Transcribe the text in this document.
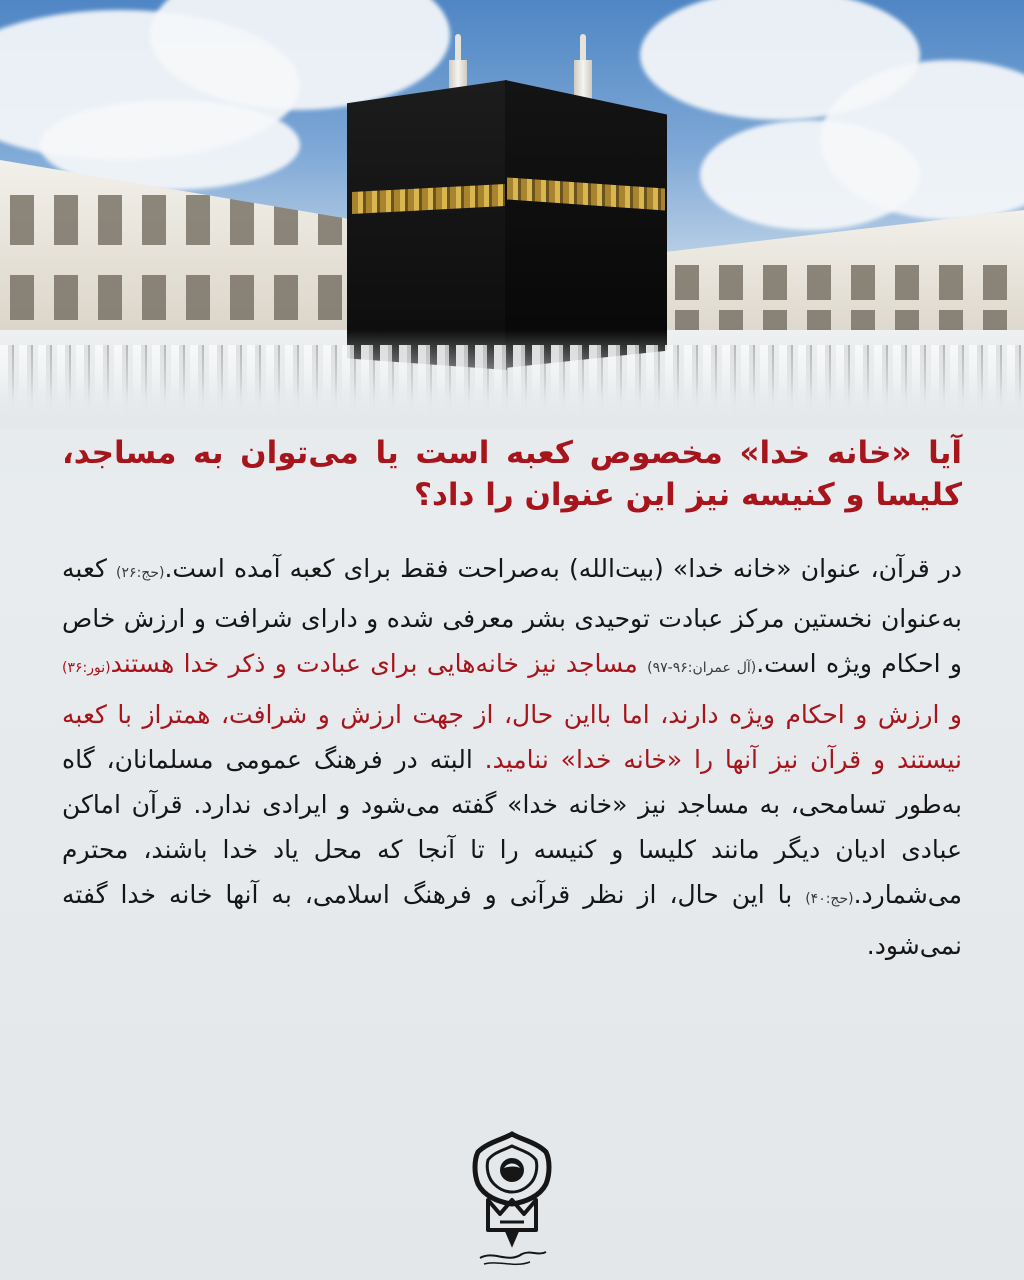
آیا «خانه خدا» مخصوص کعبه است یا می‌توان به مساجد، کلیسا و کنیسه نیز این عنوان را داد؟

در قرآن، عنوان «خانه خدا» (بیت‌الله) به‌صراحت فقط برای کعبه آمده است.(حج:۲۶) کعبه به‌عنوان نخستین مرکز عبادت توحیدی بشر معرفی شده و دارای شرافت و ارزش خاص و احکام ویژه است.(آل عمران:۹۶-۹۷) مساجد نیز خانه‌هایی برای عبادت و ذکر خدا هستند(نور:۳۶) و ارزش و احکام ویژه دارند، اما بااین حال، از جهت ارزش و شرافت، همتراز با کعبه نیستند و قرآن نیز آنها را «خانه خدا» ننامید. البته در فرهنگ عمومی مسلمانان، گاه به‌طور تسامحی، به مساجد نیز «خانه خدا» گفته می‌شود و ایرادی ندارد. قرآن اماکن عبادی ادیان دیگر مانند کلیسا و کنیسه را تا آنجا که محل یاد خدا باشند، محترم می‌شمارد.(حج:۴۰) با این حال، از نظر قرآنی و فرهنگ اسلامی، به آنها خانه خدا گفته نمی‌شود.
